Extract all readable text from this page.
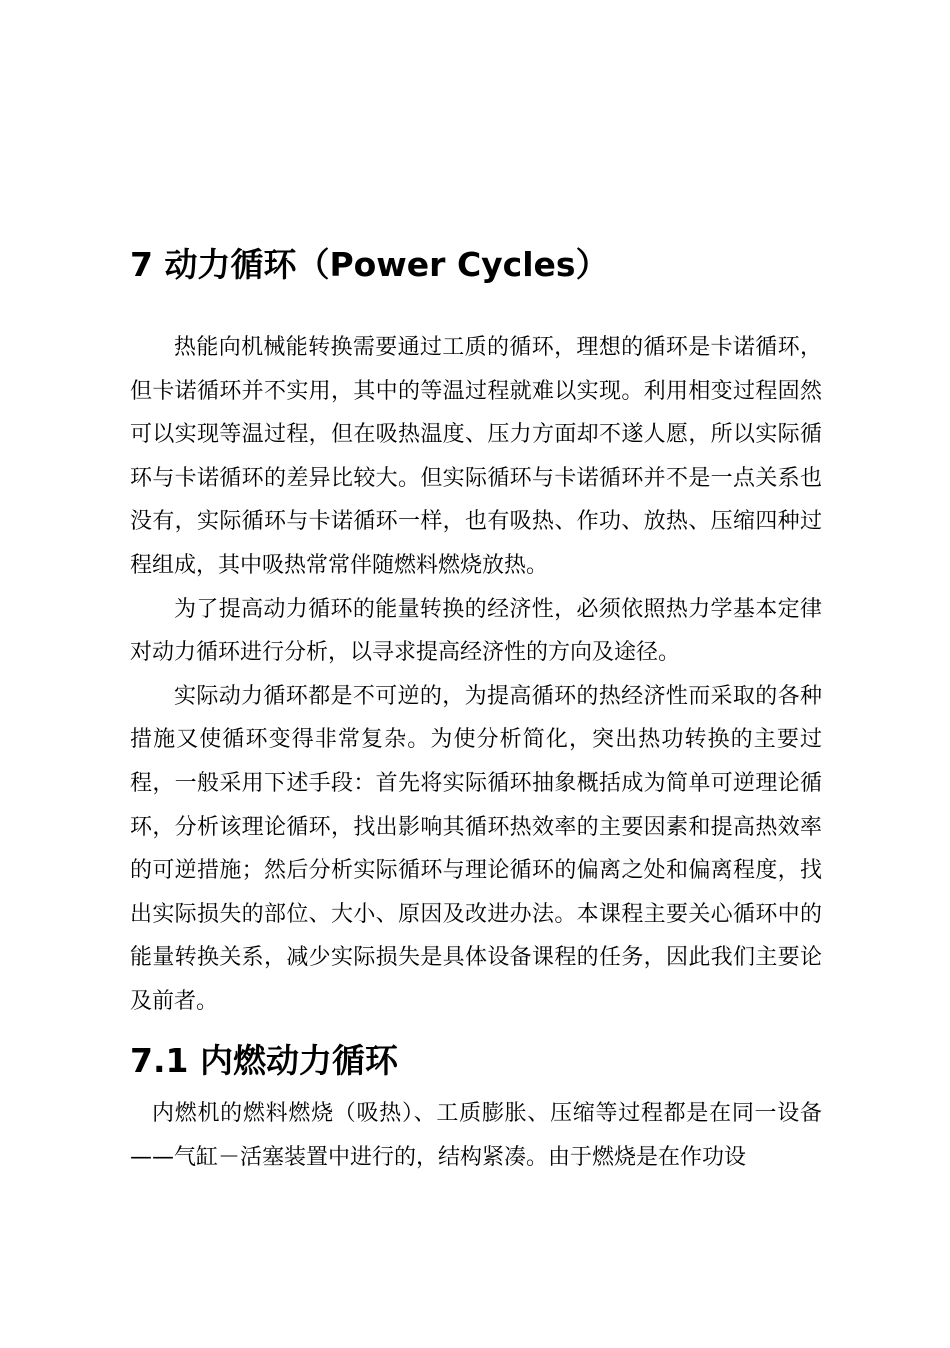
7 动力循环（Power Cycles）

热能向机械能转换需要通过工质的循环，理想的循环是卡诺循环，但卡诺循环并不实用，其中的等温过程就难以实现。利用相变过程固然可以实现等温过程，但在吸热温度、压力方面却不遂人愿，所以实际循环与卡诺循环的差异比较大。但实际循环与卡诺循环并不是一点关系也没有，实际循环与卡诺循环一样，也有吸热、作功、放热、压缩四种过程组成，其中吸热常常伴随燃料燃烧放热。

为了提高动力循环的能量转换的经济性，必须依照热力学基本定律对动力循环进行分析，以寻求提高经济性的方向及途径。

实际动力循环都是不可逆的，为提高循环的热经济性而采取的各种措施又使循环变得非常复杂。为使分析简化，突出热功转换的主要过程，一般采用下述手段：首先将实际循环抽象概括成为简单可逆理论循环，分析该理论循环，找出影响其循环热效率的主要因素和提高热效率的可逆措施；然后分析实际循环与理论循环的偏离之处和偏离程度，找出实际损失的部位、大小、原因及改进办法。本课程主要关心循环中的能量转换关系，减少实际损失是具体设备课程的任务，因此我们主要论及前者。

7.1 内燃动力循环

内燃机的燃料燃烧（吸热）、工质膨胀、压缩等过程都是在同一设备——气缸－活塞装置中进行的，结构紧凑。由于燃烧是在作功设
